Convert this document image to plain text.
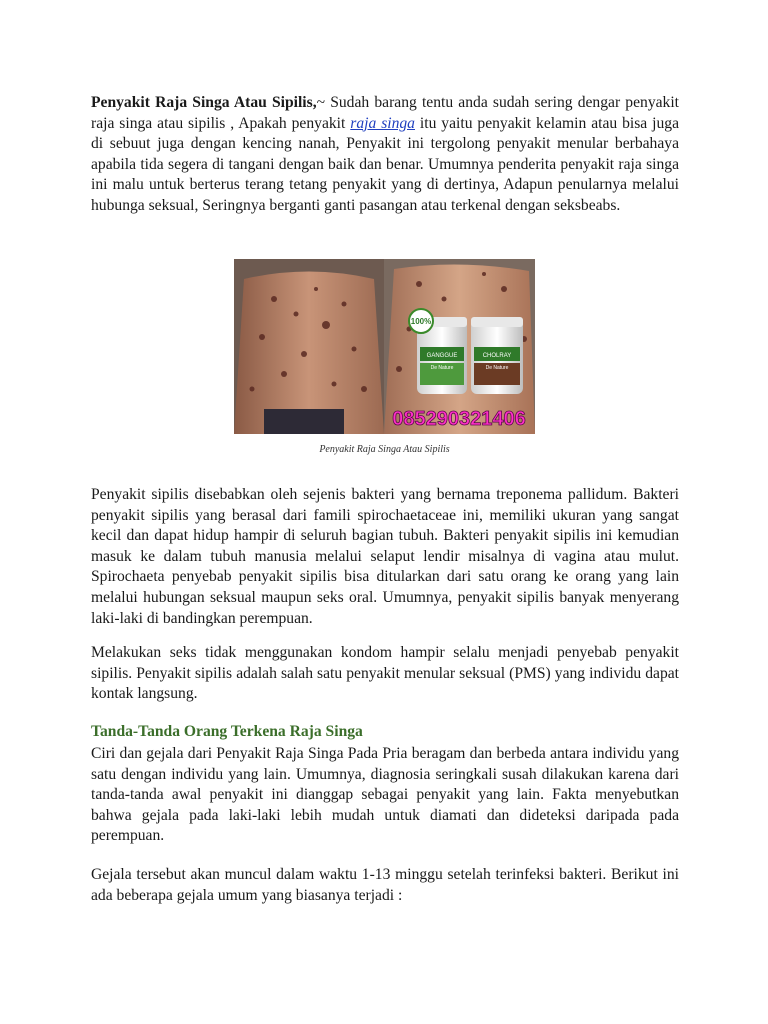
Penyakit Raja Singa Atau Sipilis,~ Sudah barang tentu anda sudah sering dengar penyakit raja singa atau sipilis , Apakah penyakit raja singa itu yaitu penyakit kelamin atau bisa juga di sebuut juga dengan kencing nanah, Penyakit ini tergolong penyakit menular berbahaya apabila tida segera di tangani dengan baik dan benar. Umumnya penderita penyakit raja singa ini malu untuk berterus terang tetang penyakit yang di dertinya, Adapun penularnya melalui hubunga seksual, Seringnya berganti ganti pasangan atau terkenal dengan seksbeabs.

100%
GANGGUE
De Nature
CHOLRAY
De Nature
085290321406
Penyakit Raja Singa Atau Sipilis

Penyakit sipilis disebabkan oleh sejenis bakteri yang bernama treponema pallidum. Bakteri penyakit sipilis yang berasal dari famili spirochaetaceae ini, memiliki ukuran yang sangat kecil dan dapat hidup hampir di seluruh bagian tubuh. Bakteri penyakit sipilis ini kemudian masuk ke dalam tubuh manusia melalui selaput lendir misalnya di vagina atau mulut. Spirochaeta penyebab penyakit sipilis bisa ditularkan dari satu orang ke orang yang lain melalui hubungan seksual maupun seks oral. Umumnya, penyakit sipilis banyak menyerang laki-laki di bandingkan perempuan.

Melakukan seks tidak menggunakan kondom hampir selalu menjadi penyebab penyakit sipilis. Penyakit sipilis adalah salah satu penyakit menular seksual (PMS) yang individu dapat kontak langsung.

Tanda-Tanda Orang Terkena Raja Singa

Ciri dan gejala dari Penyakit Raja Singa Pada Pria beragam dan berbeda antara individu yang satu dengan individu yang lain. Umumnya, diagnosia seringkali susah dilakukan karena dari tanda-tanda awal penyakit ini dianggap sebagai penyakit yang lain. Fakta menyebutkan bahwa gejala pada laki-laki lebih mudah untuk diamati dan dideteksi daripada pada perempuan.

Gejala tersebut akan muncul dalam waktu 1-13 minggu setelah terinfeksi bakteri. Berikut ini ada beberapa gejala umum yang biasanya terjadi :
